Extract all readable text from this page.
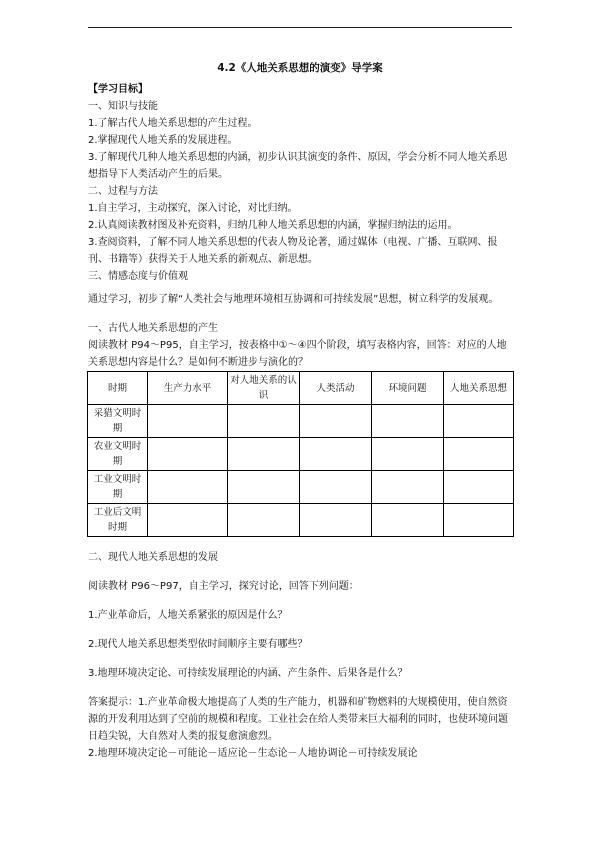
4.2《人地关系思想的演变》导学案

【学习目标】

一、知识与技能

1.了解古代人地关系思想的产生过程。

2.掌握现代人地关系的发展进程。

3.了解现代几种人地关系思想的内涵，初步认识其演变的条件、原因，学会分析不同人地关系思想指导下人类活动产生的后果。

二、过程与方法

1.自主学习，主动探究，深入讨论，对比归纳。

2.认真阅读教材图及补充资料，归纳几种人地关系思想的内涵，掌握归纳法的运用。

3.查阅资料，了解不同人地关系思想的代表人物及论著，通过媒体（电视、广播、互联网、报刊、书籍等）获得关于人地关系的新观点、新思想。

三、情感态度与价值观

通过学习，初步了解“人类社会与地理环境相互协调和可持续发展”思想，树立科学的发展观。

一、古代人地关系思想的产生

阅读教材 P94～P95，自主学习，按表格中①～④四个阶段，填写表格内容，回答：对应的人地关系思想内容是什么？是如何不断进步与演化的？

时期	生产力水平	对人地关系的认识	人类活动	环境问题	人地关系思想
采猎文明时期					
农业文明时期					
工业文明时期					
工业后文明时期					

二、现代人地关系思想的发展

阅读教材 P96～P97，自主学习，探究讨论，回答下列问题：

1.产业革命后，人地关系紧张的原因是什么？

2.现代人地关系思想类型依时间顺序主要有哪些？

3.地理环境决定论、可持续发展理论的内涵、产生条件、后果各是什么？

答案提示：1.产业革命极大地提高了人类的生产能力，机器和矿物燃料的大规模使用，使自然资源的开发利用达到了空前的规模和程度。工业社会在给人类带来巨大福利的同时，也使环境问题日趋尖锐，大自然对人类的报复愈演愈烈。

2.地理环境决定论－可能论－适应论－生态论－人地协调论－可持续发展论
